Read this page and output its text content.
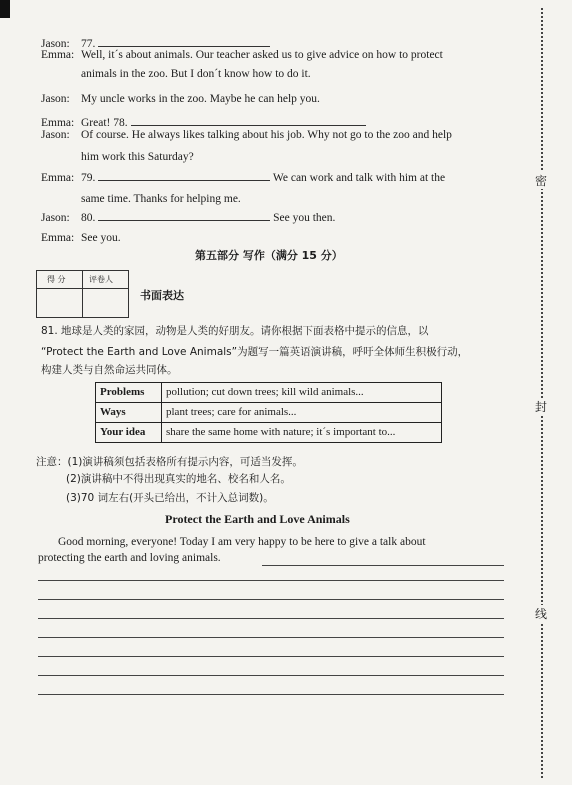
Jason: 77.
Emma: Well, it´s about animals. Our teacher asked us to give advice on how to protect
animals in the zoo. But I don´t know how to do it.
Jason: My uncle works in the zoo. Maybe he can help you.
Emma: Great! 78.
Jason: Of course. He always likes talking about his job. Why not go to the zoo and help
him work this Saturday?
Emma: 79.	We can work and talk with him at the
same time. Thanks for helping me.
Jason: 80.	See you then.
Emma: See you.
第五部分 写作（满分 15 分）
得 分	评卷人
书面表达
81. 地球是人类的家园，动物是人类的好朋友。请你根据下面表格中提示的信息，以
“Protect the Earth and Love Animals”为题写一篇英语演讲稿，呼吁全体师生积极行动，
构建人类与自然命运共同体。
Problems	pollution; cut down trees; kill wild animals...
Ways	plant trees; care for animals...
Your idea	share the same home with nature; it´s important to...
注意：(1)演讲稿须包括表格所有提示内容，可适当发挥。
(2)演讲稿中不得出现真实的地名、校名和人名。
(3)70 词左右(开头已给出，不计入总词数)。
Protect the Earth and Love Animals
Good morning, everyone! Today I am very happy to be here to give a talk about
protecting the earth and loving animals.
密
封
线
